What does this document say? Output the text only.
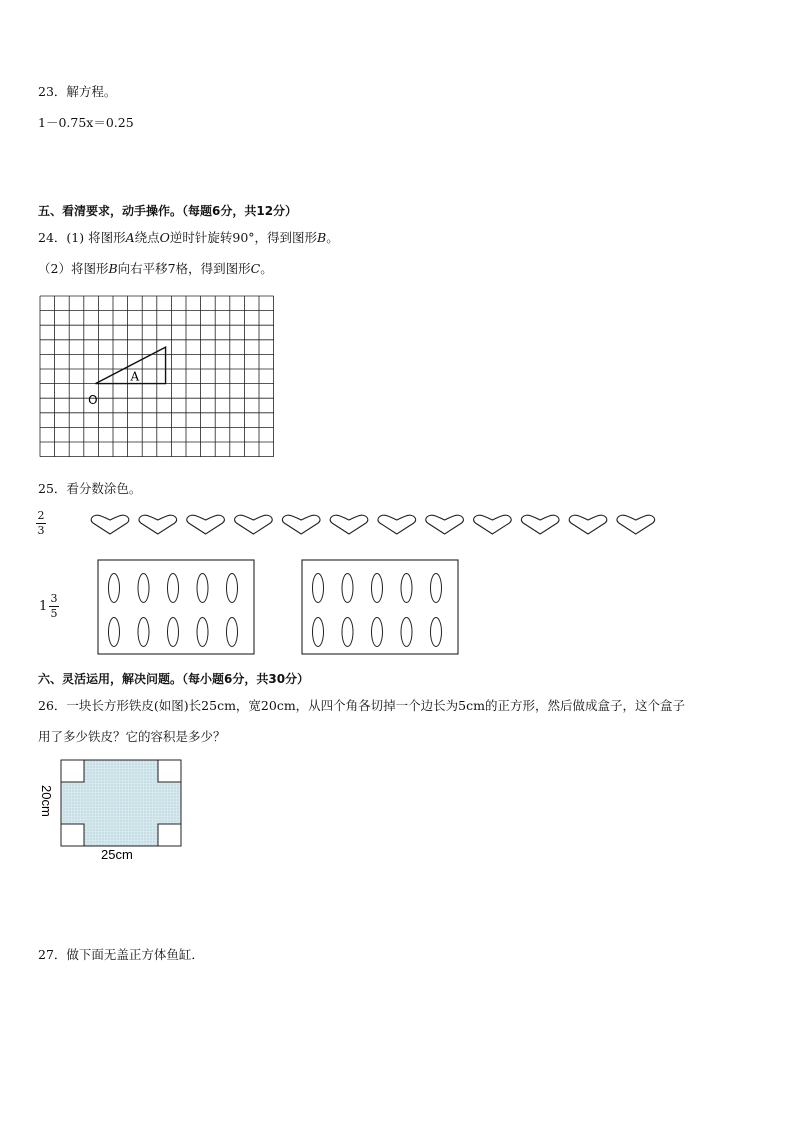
23．解方程。
1－0.75x＝0.25
五、看清要求，动手操作。（每题6分，共12分）
24．(1) 将图形A绕点O逆时针旋转90°，得到图形B。
（2）将图形B向右平移7格，得到图形C。
A
O
25．看分数涂色。
2
3
1
3
5
六、灵活运用，解决问题。（每小题6分，共30分）
26．一块长方形铁皮(如图)长25cm，宽20cm，从四个角各切掉一个边长为5cm的正方形，然后做成盒子，这个盒子
用了多少铁皮？它的容积是多少？
25cm
20cm
27．做下面无盖正方体鱼缸．
